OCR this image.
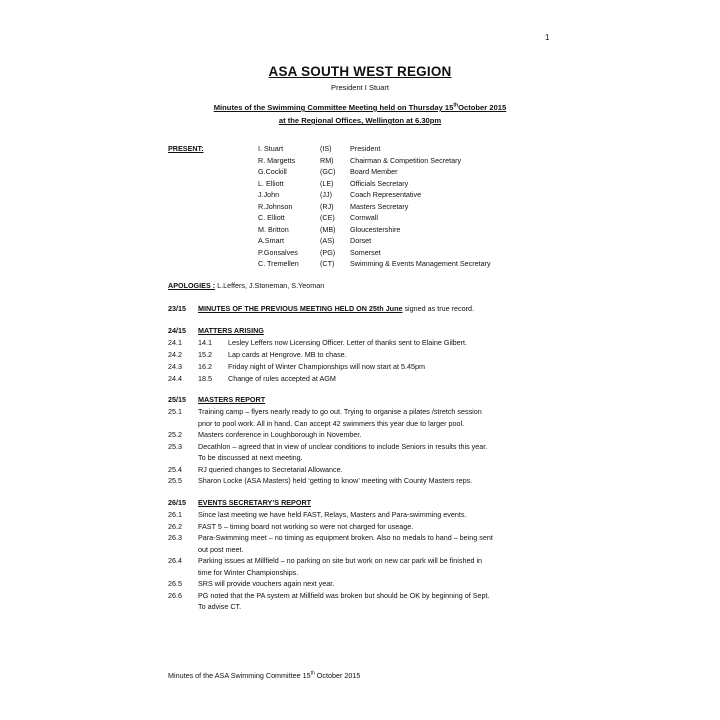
1
ASA SOUTH WEST REGION
President I Stuart
Minutes of the Swimming Committee Meeting held on Thursday 15thOctober 2015
at the Regional Offices, Wellington at 6.30pm
PRESENT:	I. Stuart	(IS)	President
R. Margetts	RM) Chairman & Competition Secretary
G.Cockill	(GC) Board Member
L. Elliott	(LE) Officials Secretary
J.John	(JJ)	Coach Representative
R.Johnson	(RJ) Masters Secretary
C. Elliott	(CE) Cornwall
M. Britton	(MB) Gloucestershire
A.Smart	(AS) Dorset
P.Gonsalves	(PG) Somerset
C. Tremellen	(CT) Swimming & Events Management Secretary
APOLOGIES : L.Leffers, J.Stoneman, S.Yeoman
23/15 MINUTES OF THE PREVIOUS MEETING HELD ON 25th June signed as true record.
24/15 MATTERS ARISING
24.1 14.1 Lesley Leffers now Licensing Officer. Letter of thanks sent to Elaine Gilbert.
24.2 15.2 Lap cards at Hengrove. MB to chase.
24.3 16.2 Friday night of Winter Championships will now start at 5.45pm
24.4 18.5 Change of rules accepted at AGM
25/15 MASTERS REPORT
25.1 Training camp – flyers nearly ready to go out. Trying to organise a pilates /stretch session
prior to pool work. All in hand. Can accept 42 swimmers this year due to larger pool.
25.2 Masters conference in Loughborough in November.
25.3 Decathlon – agreed that in view of unclear conditions to include Seniors in results this year.
To be discussed at next meeting.
25.4 RJ queried changes to Secretarial Allowance.
25.5 Sharon Locke (ASA Masters) held ‘getting to know’ meeting with County Masters reps.
26/15 EVENTS SECRETARY’S REPORT
26.1 Since last meeting we have held FAST, Relays, Masters and Para-swimming events.
26.2 FAST 5 – timing board not working so were not charged for useage.
26.3 Para-Swimming meet – no timing as equipment broken. Also no medals to hand – being sent
out post meet.
26.4 Parking issues at Millfield – no parking on site but work on new car park will be finished in
time for Winter Championships.
26.5 SRS will provide vouchers again next year.
26.6 PG noted that the PA system at Millfield was broken but should be OK by beginning of Sept.
To advise CT.
Minutes of the ASA Swimming Committee 15th October 2015
